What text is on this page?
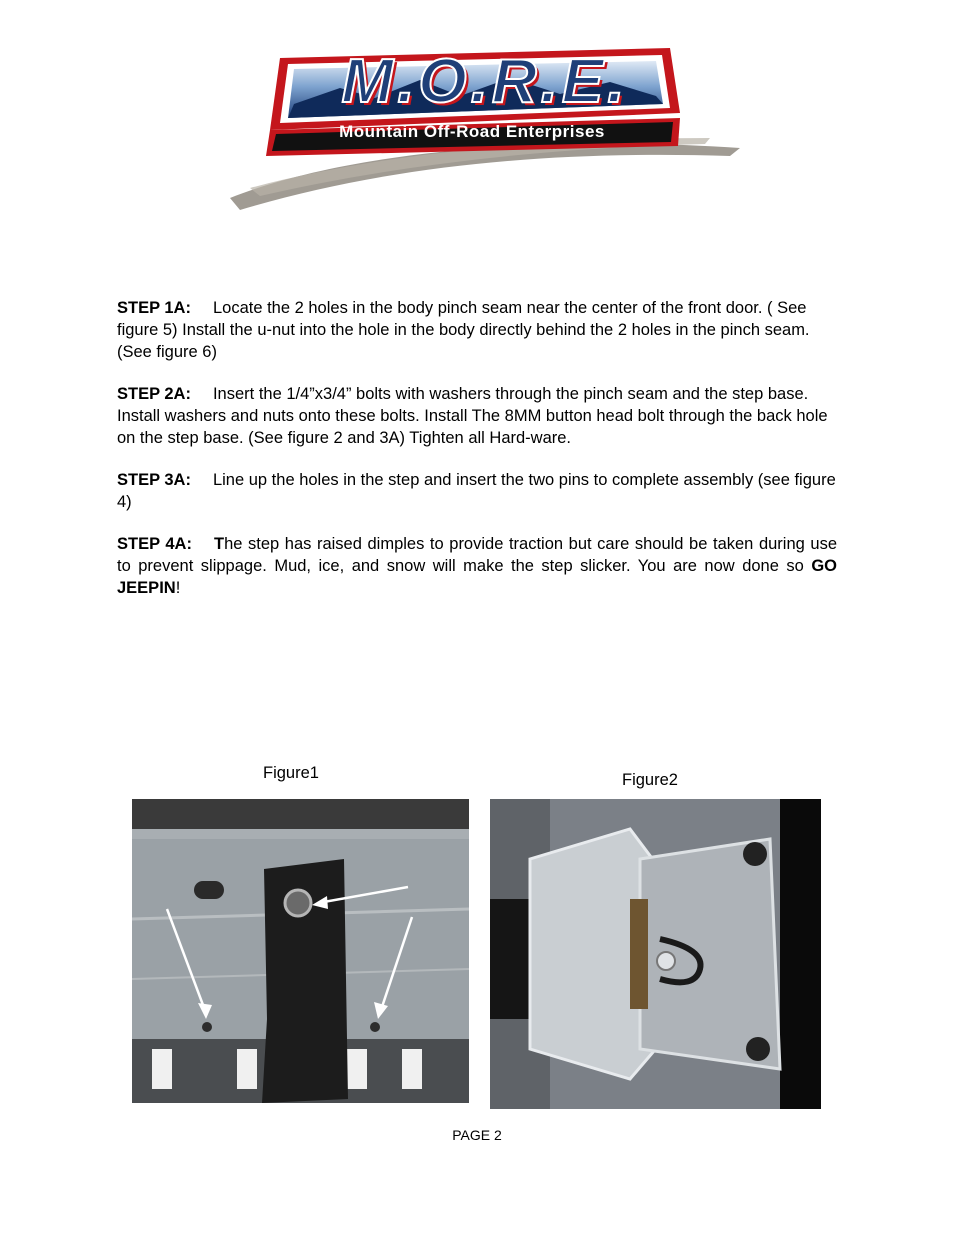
M.O.R.E.
Mountain Off-Road Enterprises

STEP 1A: Locate the 2 holes in the body pinch seam near the center of the front door. ( See figure 5) Install the u-nut into the hole in the body directly behind the 2 holes in the pinch seam. (See figure 6)

STEP 2A: Insert the 1/4”x3/4” bolts with washers through the pinch seam and the step base. Install washers and nuts onto these bolts. Install The 8MM button head bolt through the back hole on the step base. (See figure 2 and 3A) Tighten all Hard-ware.

STEP 3A: Line up the holes in the step and insert the two pins to complete assembly (see figure 4)

STEP 4A: The step has raised dimples to provide traction but care should be taken during use to prevent slippage. Mud, ice, and snow will make the step slicker. You are now done so GO JEEPIN!

Figure1	Figure2
PAGE 2
